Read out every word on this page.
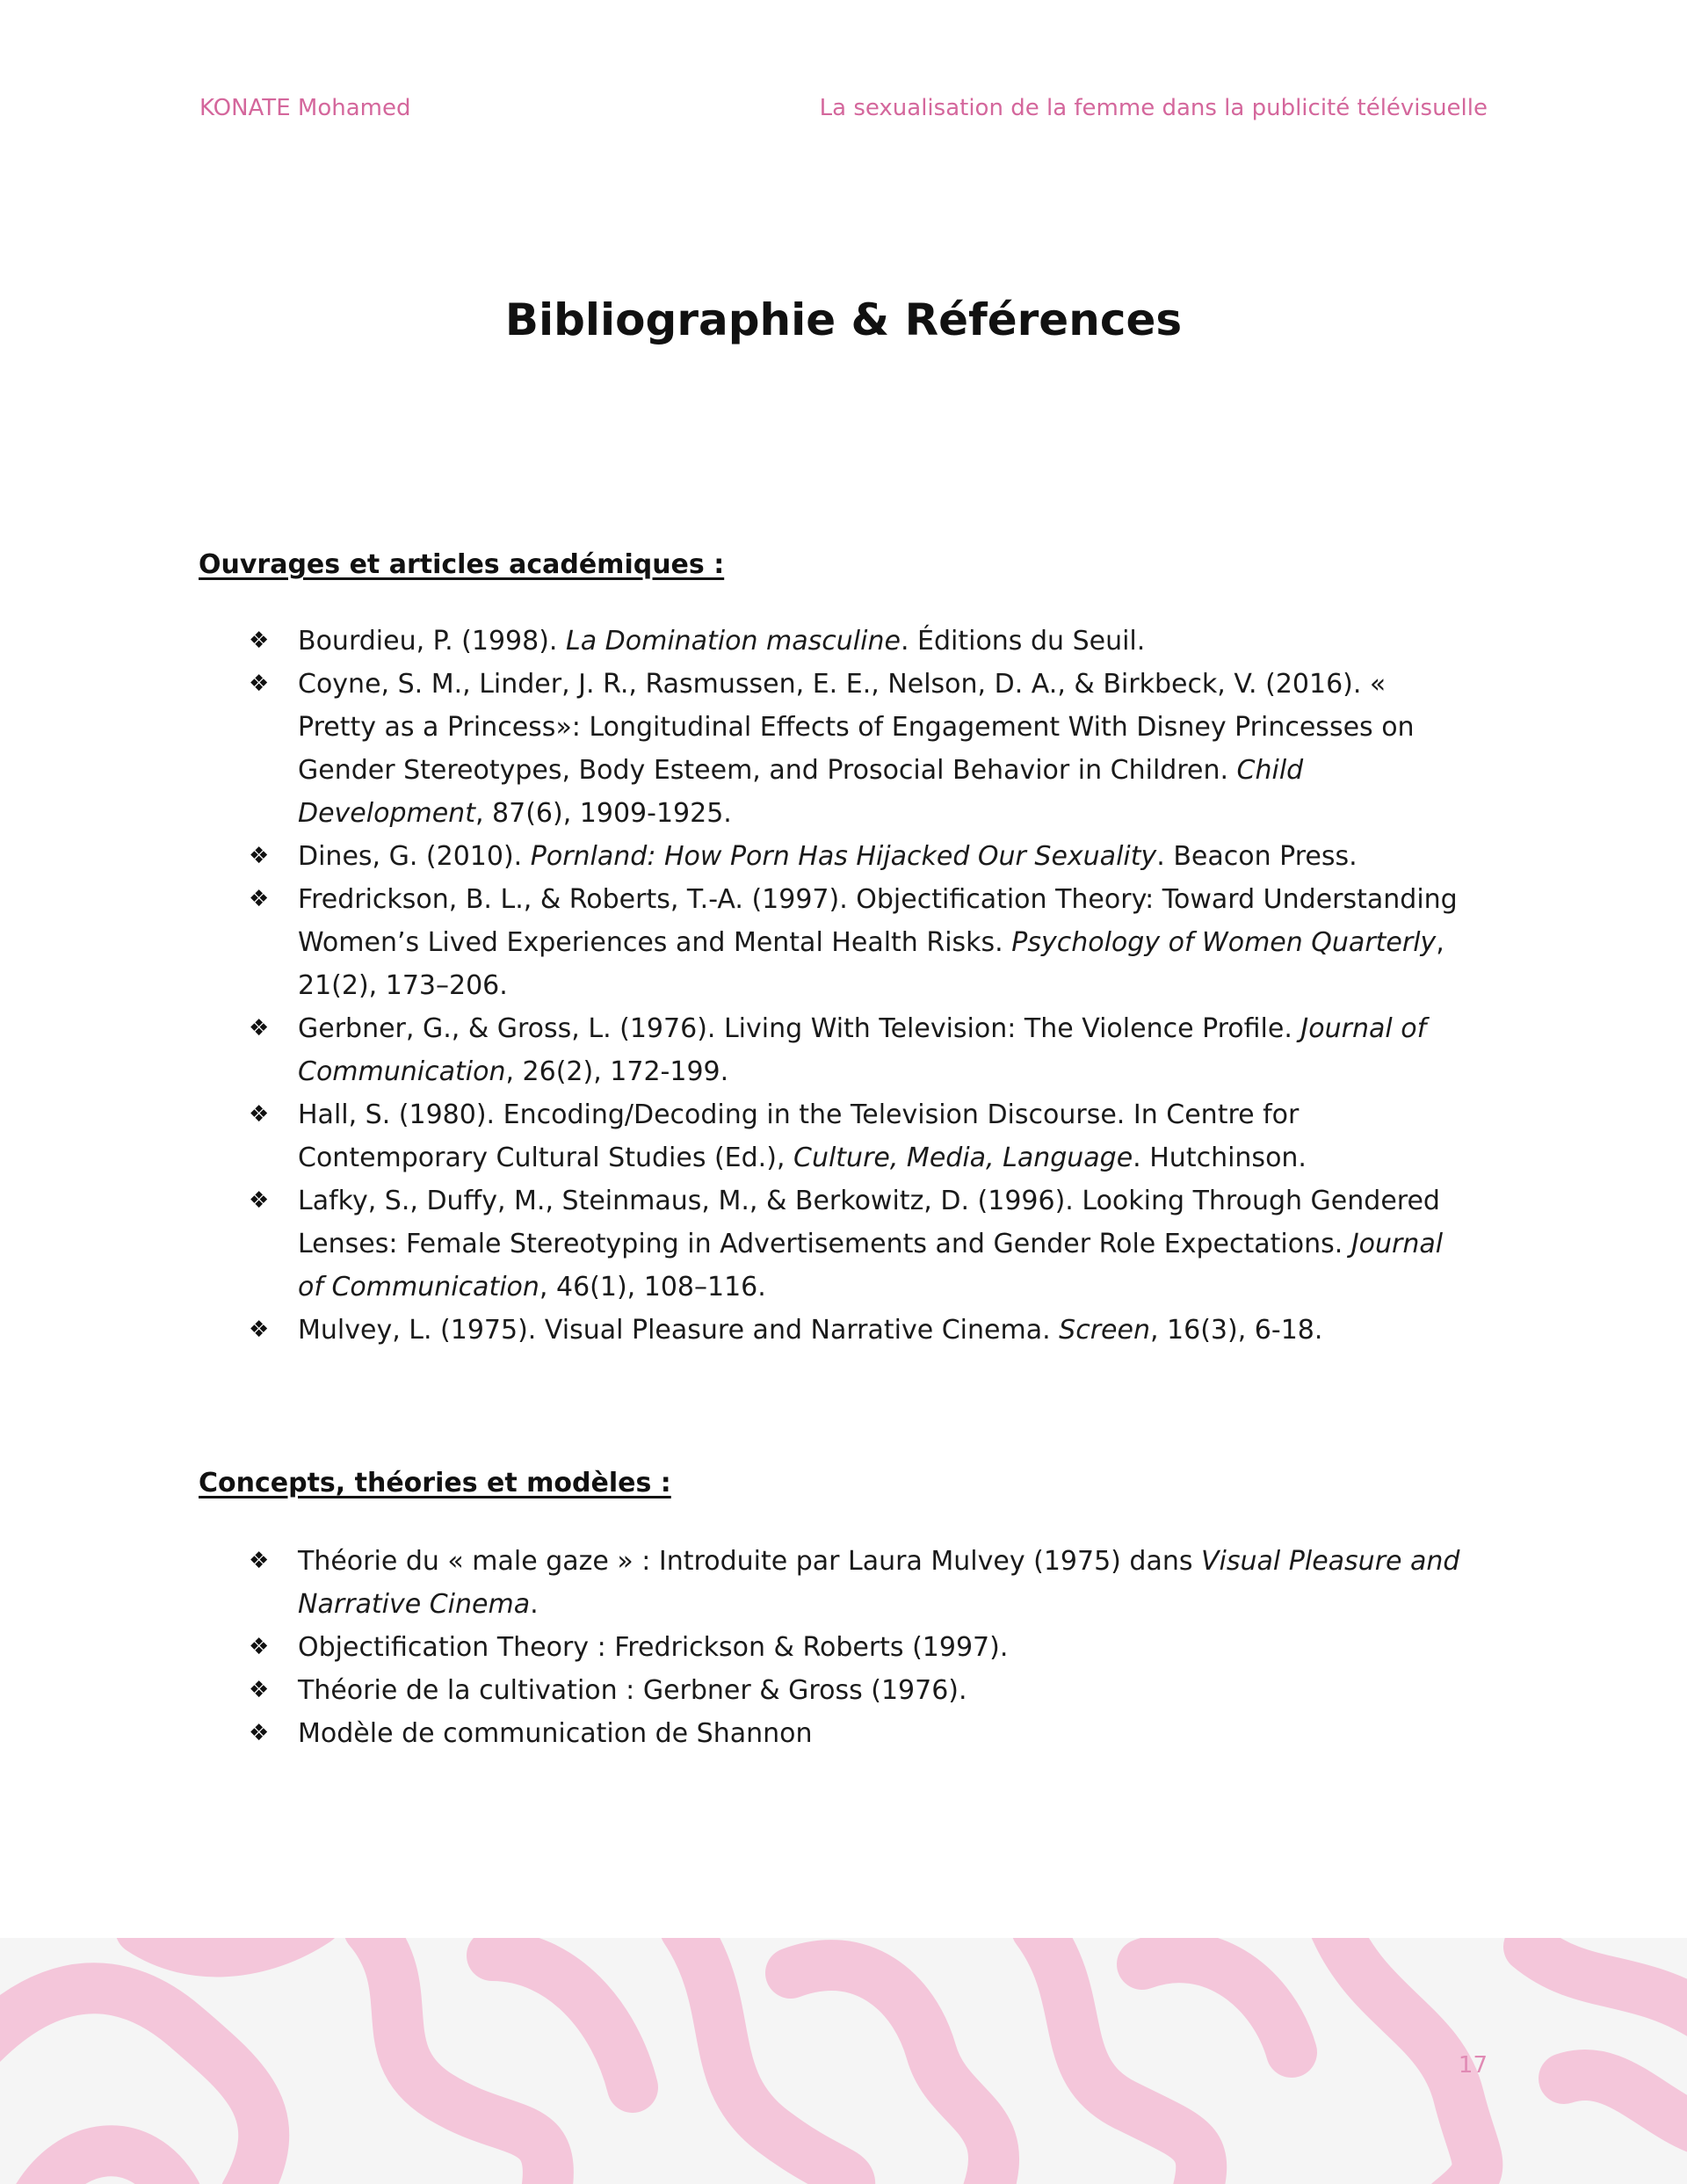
KONATE Mohamed	La sexualisation de la femme dans la publicité télévisuelle
Bibliographie & Références
Ouvrages et articles académiques :
❖ Bourdieu, P. (1998). La Domination masculine. Éditions du Seuil.
❖ Coyne, S. M., Linder, J. R., Rasmussen, E. E., Nelson, D. A., & Birkbeck, V. (2016). « Pretty as a Princess»: Longitudinal Effects of Engagement With Disney Princesses on Gender Stereotypes, Body Esteem, and Prosocial Behavior in Children. Child Development, 87(6), 1909-1925.
❖ Dines, G. (2010). Pornland: How Porn Has Hijacked Our Sexuality. Beacon Press.
❖ Fredrickson, B. L., & Roberts, T.-A. (1997). Objectification Theory: Toward Understanding Women’s Lived Experiences and Mental Health Risks. Psychology of Women Quarterly, 21(2), 173–206.
❖ Gerbner, G., & Gross, L. (1976). Living With Television: The Violence Profile. Journal of Communication, 26(2), 172-199.
❖ Hall, S. (1980). Encoding/Decoding in the Television Discourse. In Centre for Contemporary Cultural Studies (Ed.), Culture, Media, Language. Hutchinson.
❖ Lafky, S., Duffy, M., Steinmaus, M., & Berkowitz, D. (1996). Looking Through Gendered Lenses: Female Stereotyping in Advertisements and Gender Role Expectations. Journal of Communication, 46(1), 108–116.
❖ Mulvey, L. (1975). Visual Pleasure and Narrative Cinema. Screen, 16(3), 6-18.
Concepts, théories et modèles :
❖ Théorie du « male gaze » : Introduite par Laura Mulvey (1975) dans Visual Pleasure and Narrative Cinema.
❖ Objectification Theory : Fredrickson & Roberts (1997).
❖ Théorie de la cultivation : Gerbner & Gross (1976).
❖ Modèle de communication de Shannon
17
